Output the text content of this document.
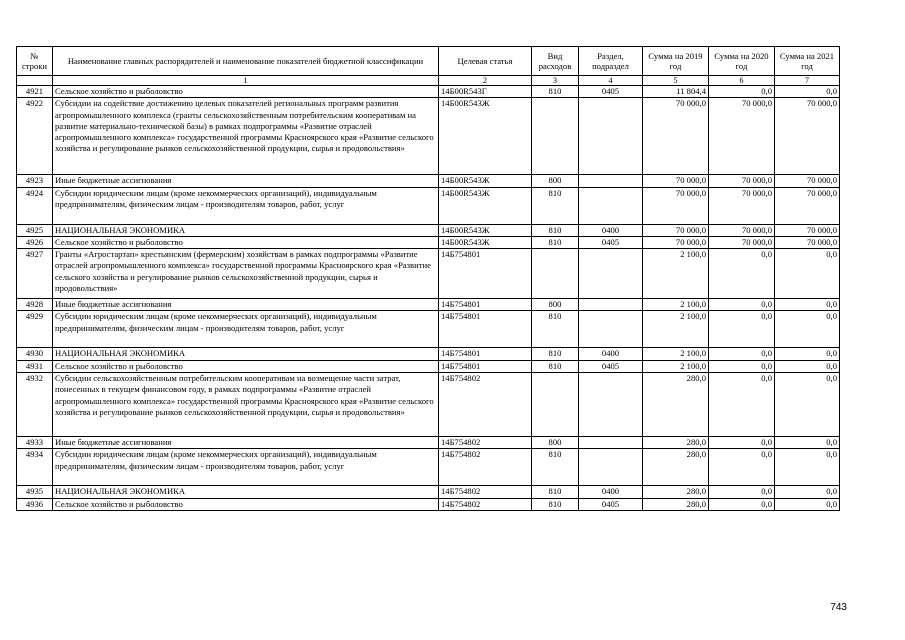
№ строки	Наименование главных распорядителей и наименование показателей бюджетной классификации	Целевая статья	Вид расходов	Раздел, подраздел	Сумма на 2019 год	Сумма на 2020 год	Сумма на 2021 год
	1	2	3	4	5	6	7
4921	Сельское хозяйство и рыболовство	14Б00R543Г	810	0405	11 804,4	0,0	0,0
4922	Субсидии на содействие достижению целевых показателей региональных программ развития агропромышленного комплекса (гранты сельскохозяйственным потребительским кооперативам на развитие материально-технической базы) в рамках подпрограммы «Развитие отраслей агропромышленного комплекса» государственной программы Красноярского края «Развитие сельского хозяйства и регулирование рынков сельскохозяйственной продукции, сырья и продовольствия»	14Б00R543Ж			70 000,0	70 000,0	70 000,0
4923	Иные бюджетные ассигнования	14Б00R543Ж	800		70 000,0	70 000,0	70 000,0
4924	Субсидии юридическим лицам (кроме некоммерческих организаций), индивидуальным предпринимателям, физическим лицам - производителям товаров, работ, услуг	14Б00R543Ж	810		70 000,0	70 000,0	70 000,0
4925	НАЦИОНАЛЬНАЯ ЭКОНОМИКА	14Б00R543Ж	810	0400	70 000,0	70 000,0	70 000,0
4926	Сельское хозяйство и рыболовство	14Б00R543Ж	810	0405	70 000,0	70 000,0	70 000,0
4927	Гранты «Агростартап» крестьянским (фермерским) хозяйствам в рамках подпрограммы «Развитие отраслей агропромышленного комплекса» государственной программы Красноярского края «Развитие сельского хозяйства и регулирование рынков сельскохозяйственной продукции, сырья и продовольствия»	14Б754801			2 100,0	0,0	0,0
4928	Иные бюджетные ассигнования	14Б754801	800		2 100,0	0,0	0,0
4929	Субсидии юридическим лицам (кроме некоммерческих организаций), индивидуальным предпринимателям, физическим лицам - производителям товаров, работ, услуг	14Б754801	810		2 100,0	0,0	0,0
4930	НАЦИОНАЛЬНАЯ ЭКОНОМИКА	14Б754801	810	0400	2 100,0	0,0	0,0
4931	Сельское хозяйство и рыболовство	14Б754801	810	0405	2 100,0	0,0	0,0
4932	Субсидии сельскохозяйственным потребительским кооперативам на возмещение части затрат, понесенных в текущем финансовом году, в рамках подпрограммы «Развитие отраслей агропромышленного комплекса» государственной программы Красноярского края «Развитие сельского хозяйства и регулирование рынков сельскохозяйственной продукции, сырья и продовольствия»	14Б754802			280,0	0,0	0,0
4933	Иные бюджетные ассигнования	14Б754802	800		280,0	0,0	0,0
4934	Субсидии юридическим лицам (кроме некоммерческих организаций), индивидуальным предпринимателям, физическим лицам - производителям товаров, работ, услуг	14Б754802	810		280,0	0,0	0,0
4935	НАЦИОНАЛЬНАЯ ЭКОНОМИКА	14Б754802	810	0400	280,0	0,0	0,0
4936	Сельское хозяйство и рыболовство	14Б754802	810	0405	280,0	0,0	0,0
743
